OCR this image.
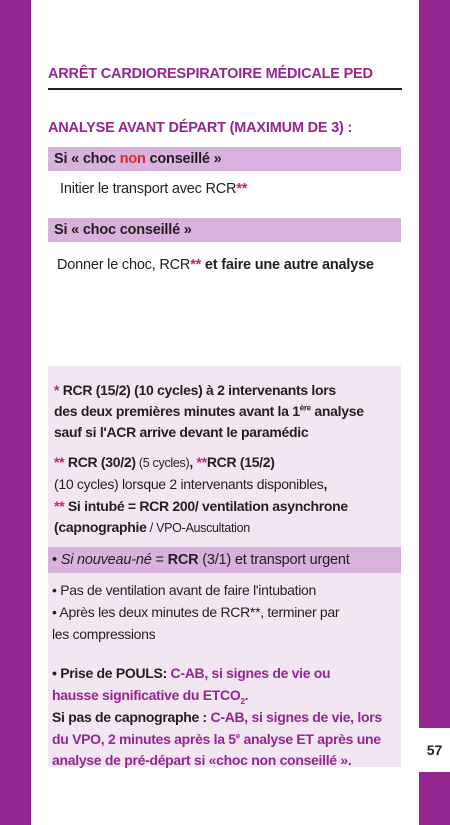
57
ARRÊT CARDIORESPIRATOIRE MÉDICALE PED
ANALYSE AVANT DÉPART (MAXIMUM DE 3) :
Si « choc non conseillé »
Initier le transport avec RCR**
Si « choc conseillé »
Donner le choc, RCR** et faire une autre analyse
* RCR (15/2) (10 cycles) à 2 intervenants lors
des deux premières minutes avant la 1ère analyse
sauf si l'ACR arrive devant le paramédic
** RCR (30/2) (5 cycles), **RCR (15/2)
(10 cycles) lorsque 2 intervenants disponibles,
** Si intubé = RCR 200/ ventilation asynchrone
(capnographie / VPO-Auscultation
• Si nouveau-né = RCR (3/1) et transport urgent
• Pas de ventilation avant de faire l'intubation
• Après les deux minutes de RCR**, terminer par
les compressions
• Prise de POULS: C-AB, si signes de vie ou
hausse significative du $ETCO_2$.
Si pas de capnographe : C-AB, si signes de vie, lors
du VPO, 2 minutes après la 5e analyse ET après une
analyse de pré-départ si «choc non conseillé ».
